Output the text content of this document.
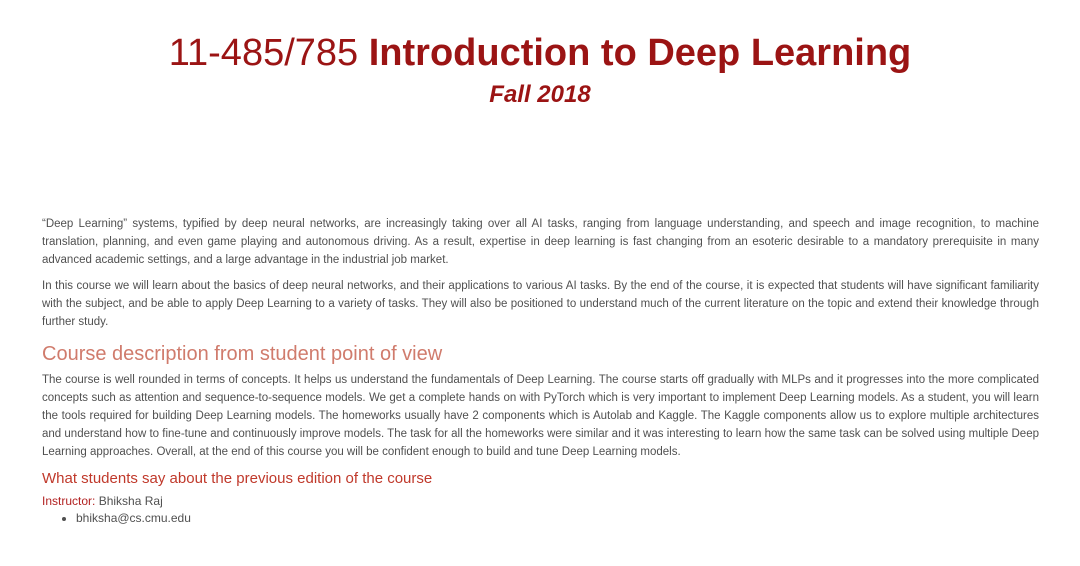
11-485/785 Introduction to Deep Learning
Fall 2018

“Deep Learning” systems, typified by deep neural networks, are increasingly taking over all AI tasks, ranging from language understanding, and speech and image recognition, to machine translation, planning, and even game playing and autonomous driving. As a result, expertise in deep learning is fast changing from an esoteric desirable to a mandatory prerequisite in many advanced academic settings, and a large advantage in the industrial job market.

In this course we will learn about the basics of deep neural networks, and their applications to various AI tasks. By the end of the course, it is expected that students will have significant familiarity with the subject, and be able to apply Deep Learning to a variety of tasks. They will also be positioned to understand much of the current literature on the topic and extend their knowledge through further study.

Course description from student point of view

The course is well rounded in terms of concepts. It helps us understand the fundamentals of Deep Learning. The course starts off gradually with MLPs and it progresses into the more complicated concepts such as attention and sequence-to-sequence models. We get a complete hands on with PyTorch which is very important to implement Deep Learning models. As a student, you will learn the tools required for building Deep Learning models. The homeworks usually have 2 components which is Autolab and Kaggle. The Kaggle components allow us to explore multiple architectures and understand how to fine-tune and continuously improve models. The task for all the homeworks were similar and it was interesting to learn how the same task can be solved using multiple Deep Learning approaches. Overall, at the end of this course you will be confident enough to build and tune Deep Learning models.

What students say about the previous edition of the course

Instructor: Bhiksha Raj

• bhiksha@cs.cmu.edu
